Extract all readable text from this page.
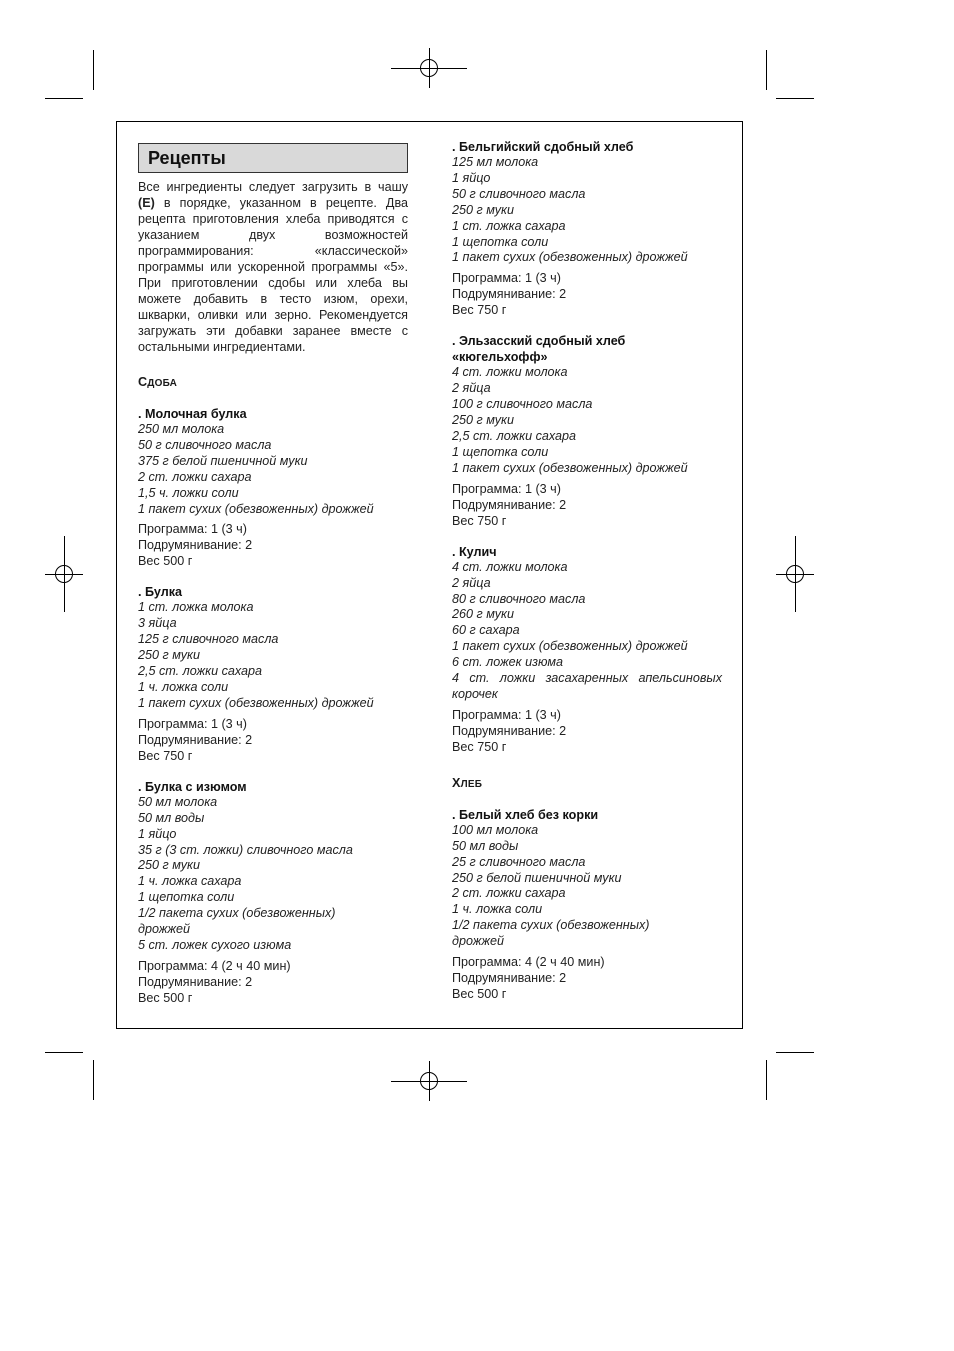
Рецепты
Все ингредиенты следует загрузить в чашу (E) в порядке, указанном в рецепте. Два рецепта приготовления хлеба приводятся с указанием двух возможностей программирования: «классической» программы или ускоренной программы «5». При приготовлении сдобы или хлеба вы можете добавить в тесто изюм, орехи, шкварки, оливки или зерно. Рекомендуется загружать эти добавки заранее вместе с остальными ингредиентами.
СДОБА
. Молочная булка
250 мл молока
50 г сливочного масла
375 г белой пшеничной муки
2 ст. ложки сахара
1,5 ч. ложки соли
1 пакет сухих (обезвоженных) дрожжей
Программа: 1 (3 ч)
Подрумянивание: 2
Вес 500 г
. Булка
1 ст. ложка молока
3 яйца
125 г сливочного масла
250 г муки
2,5 ст. ложки сахара
1 ч. ложка соли
1 пакет сухих (обезвоженных) дрожжей
Программа: 1 (3 ч)
Подрумянивание: 2
Вес 750 г
. Булка с изюмом
50 мл молока
50 мл воды
1 яйцо
35 г (3 ст. ложки) сливочного масла
250 г муки
1 ч. ложка сахара
1 щепотка соли
1/2 пакета сухих (обезвоженных) дрожжей
5 ст. ложек сухого изюма
Программа: 4 (2 ч 40 мин)
Подрумянивание: 2
Вес 500 г
. Бельгийский сдобный хлеб
125 мл молока
1 яйцо
50 г сливочного масла
250 г муки
1 ст. ложка сахара
1 щепотка соли
1 пакет сухих (обезвоженных) дрожжей
Программа: 1 (3 ч)
Подрумянивание: 2
Вес 750 г
. Эльзасский сдобный хлеб «кюгельхофф»
4 ст. ложки молока
2 яйца
100 г сливочного масла
250 г муки
2,5 ст. ложки сахара
1 щепотка соли
1 пакет сухих (обезвоженных) дрожжей
Программа: 1 (3 ч)
Подрумянивание: 2
Вес 750 г
. Кулич
4 ст. ложки молока
2 яйца
80 г сливочного масла
260 г муки
60 г сахара
1 пакет сухих (обезвоженных) дрожжей
6 ст. ложек изюма
4 ст. ложки засахаренных апельсиновых корочек
Программа: 1 (3 ч)
Подрумянивание: 2
Вес 750 г
ХЛЕБ
. Белый хлеб без корки
100 мл молока
50 мл воды
25 г сливочного масла
250 г белой пшеничной муки
2 ст. ложки сахара
1 ч. ложка соли
1/2 пакета сухих (обезвоженных) дрожжей
Программа: 4 (2 ч 40 мин)
Подрумянивание: 2
Вес 500 г
